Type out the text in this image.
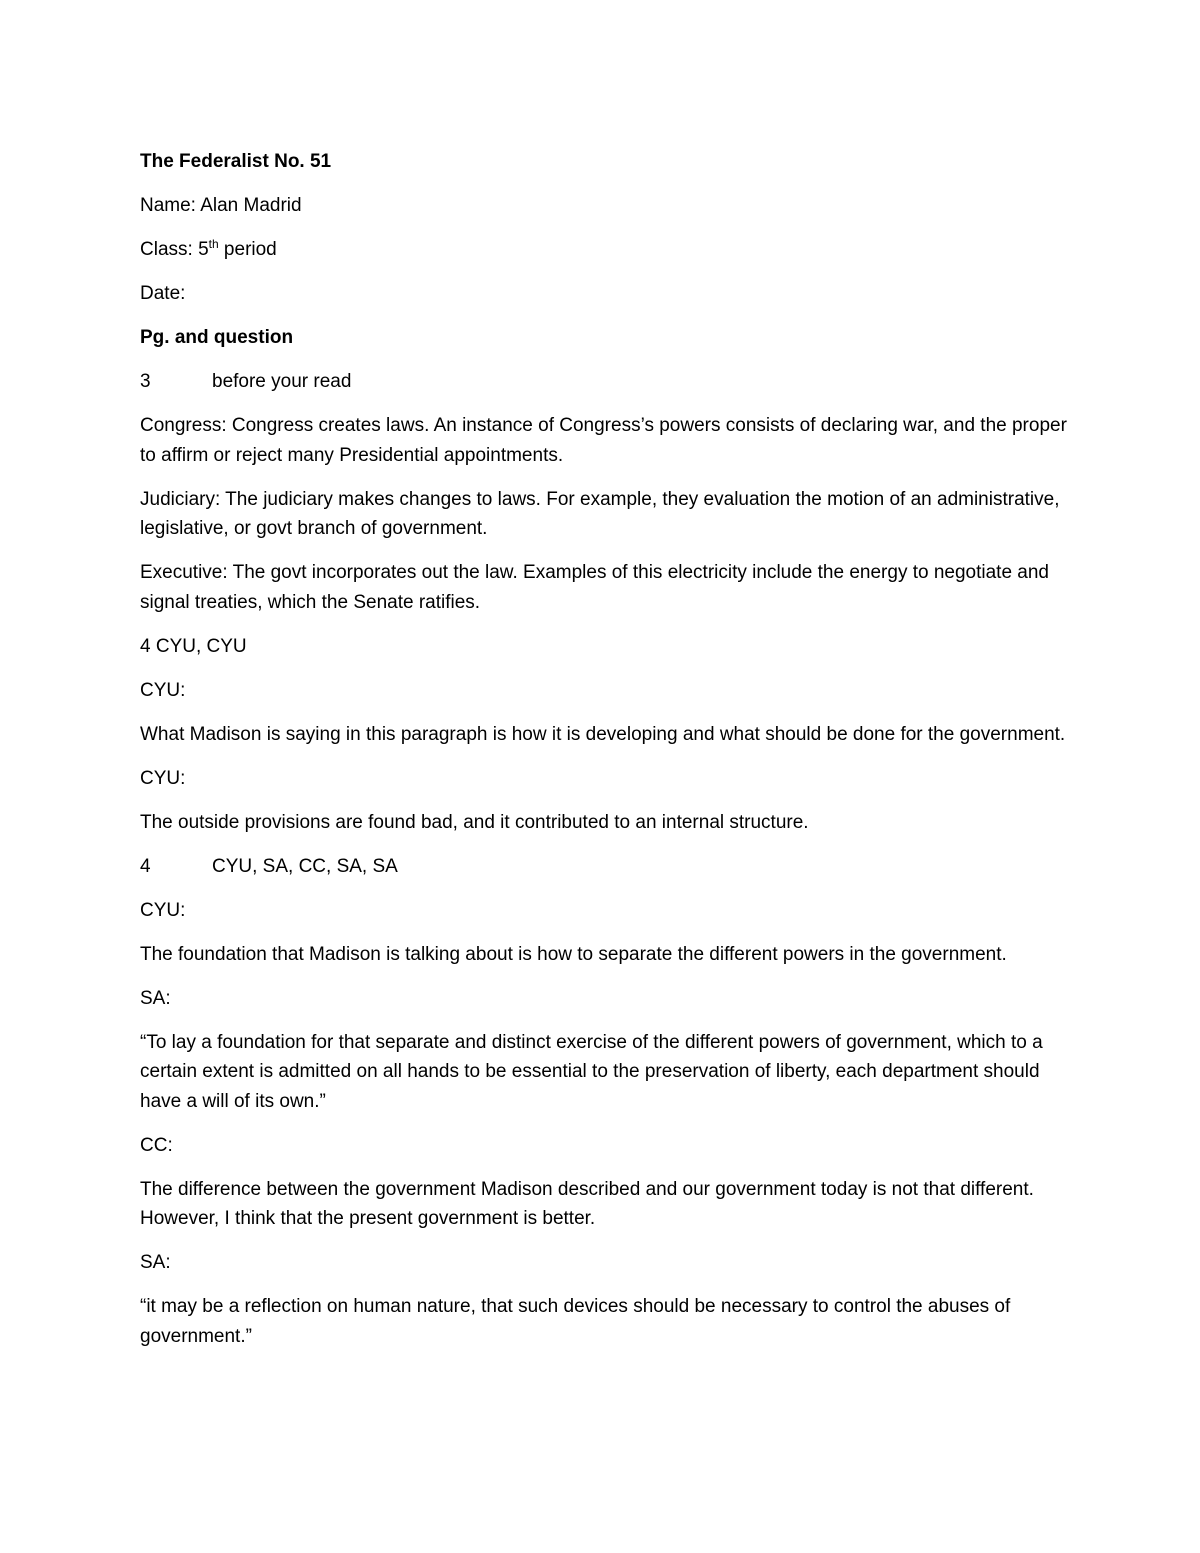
The Federalist No. 51

Name: Alan Madrid

Class: 5th period

Date:

Pg. and question

3	before your read

Congress: Congress creates laws. An instance of Congress’s powers consists of declaring war, and the proper to affirm or reject many Presidential appointments.

Judiciary: The judiciary makes changes to laws. For example, they evaluation the motion of an administrative, legislative, or govt branch of government.

Executive: The govt incorporates out the law. Examples of this electricity include the energy to negotiate and signal treaties, which the Senate ratifies.

4 CYU, CYU

CYU:

What Madison is saying in this paragraph is how it is developing and what should be done for the government.

CYU:

The outside provisions are found bad, and it contributed to an internal structure.

4	CYU, SA, CC, SA, SA

CYU:

The foundation that Madison is talking about is how to separate the different powers in the government.

SA:

“To lay a foundation for that separate and distinct exercise of the different powers of government, which to a certain extent is admitted on all hands to be essential to the preservation of liberty, each department should have a will of its own.”

CC:

The difference between the government Madison described and our government today is not that different. However, I think that the present government is better.

SA:

“it may be a reflection on human nature, that such devices should be necessary to control the abuses of government.”
